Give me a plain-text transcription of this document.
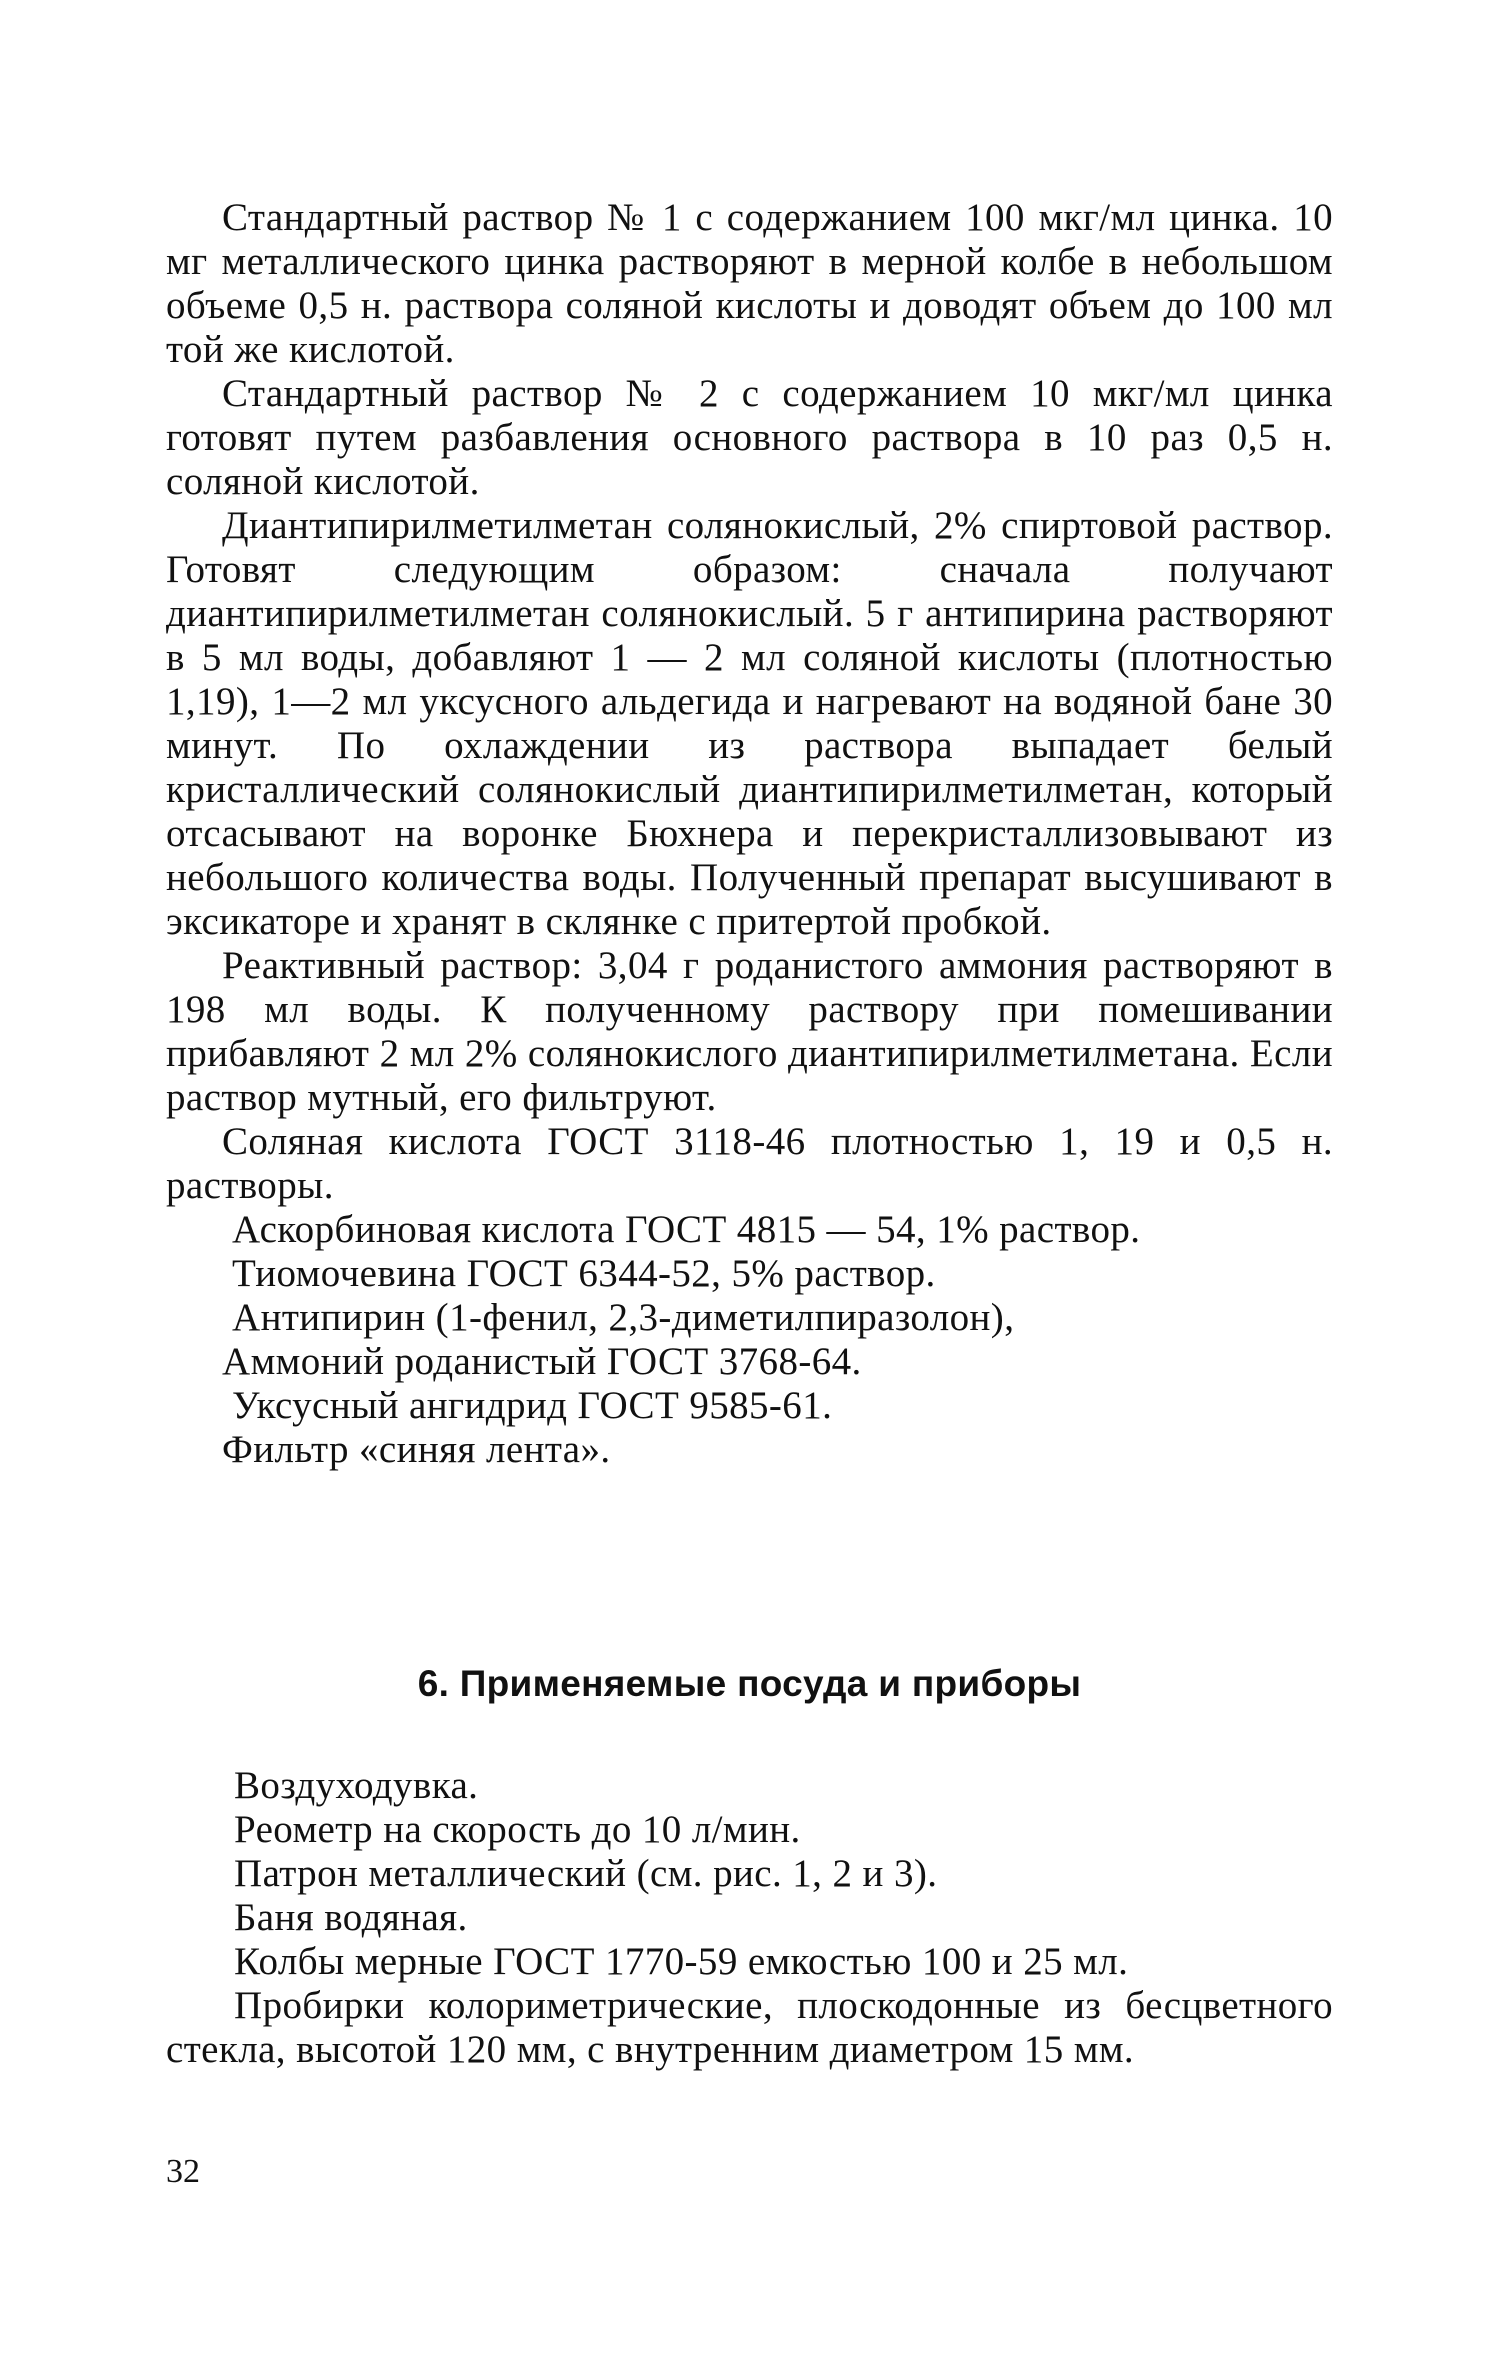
Стандартный раствор № 1 с содержанием 100 мкг/мл цинка. 10 мг металлического цинка растворяют в мерной колбе в небольшом объеме 0,5 н. раствора соляной кислоты и доводят объем до 100 мл той же кислотой.

Стандартный раствор № 2 с содержанием 10 мкг/мл цинка готовят путем разбавления основного раствора в 10 раз 0,5 н. соляной кислотой.

Диантипирилметилметан солянокислый, 2% спиртовой раствор. Готовят следующим образом: сначала получают диантипирилметилметан солянокислый. 5 г антипирина растворяют в 5 мл воды, добавляют 1 — 2 мл соляной кислоты (плотностью 1,19), 1—2 мл уксусного альдегида и нагревают на водяной бане 30 минут. По охлаждении из раствора выпадает белый кристаллический солянокислый диантипирилметилметан, который отсасывают на воронке Бюхнера и перекристаллизовывают из небольшого количества воды. Полученный препарат высушивают в эксикаторе и хранят в склянке с притертой пробкой.

Реактивный раствор: 3,04 г роданистого аммония растворяют в 198 мл воды. К полученному раствору при помешивании прибавляют 2 мл 2% солянокислого диантипирилметилметана. Если раствор мутный, его фильтруют.

Соляная кислота ГОСТ 3118-46 плотностью 1, 19 и 0,5 н. растворы.

Аскорбиновая кислота ГОСТ 4815 — 54, 1% раствор.

Тиомочевина ГОСТ 6344-52, 5% раствор.

Антипирин (1-фенил, 2,3-диметилпиразолон),

Аммоний роданистый ГОСТ 3768-64.

Уксусный ангидрид ГОСТ 9585-61.

Фильтр «синяя лента».

6. Применяемые посуда и приборы

Воздуходувка.

Реометр на скорость до 10 л/мин.

Патрон металлический (см. рис. 1, 2 и 3).

Баня водяная.

Колбы мерные ГОСТ 1770-59 емкостью 100 и 25 мл.

Пробирки колориметрические, плоскодонные из бесцветного стекла, высотой 120 мм, с внутренним диаметром 15 мм.

32
